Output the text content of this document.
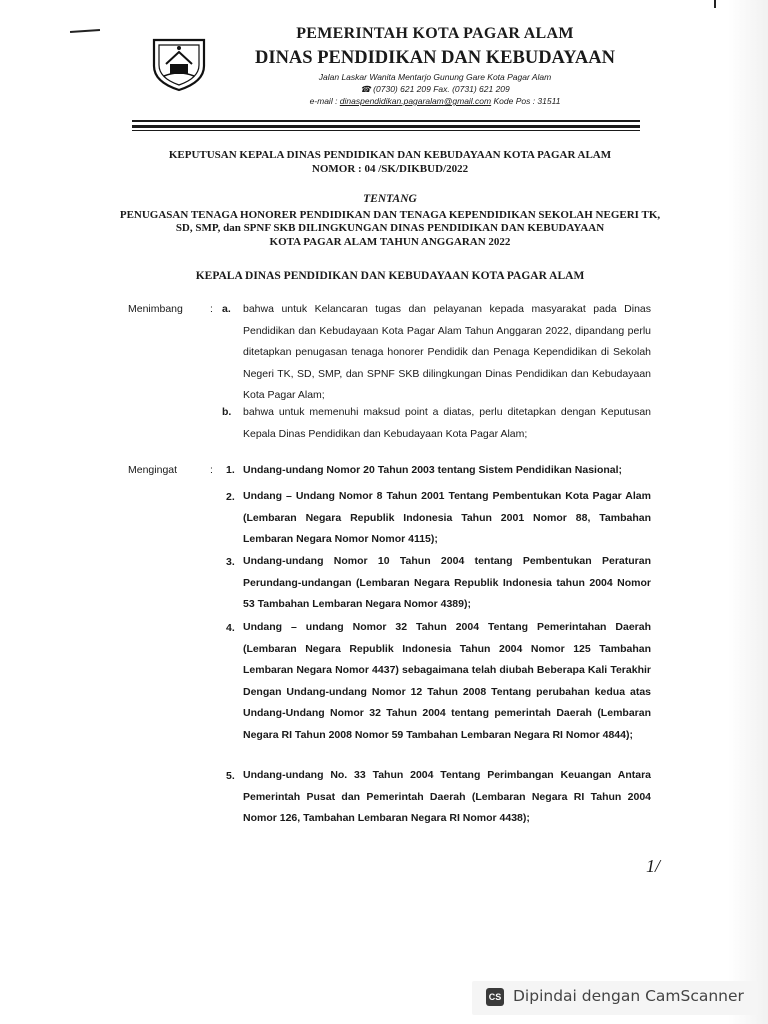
PEMERINTAH KOTA PAGAR ALAM
DINAS PENDIDIKAN DAN KEBUDAYAAN
Jalan Laskar Wanita Mentarjo Gunung Gare Kota Pagar Alam
☎ (0730) 621 209 Fax. (0731) 621 209
e-mail : dinaspendidikan.pagaralam@gmail.com Kode Pos : 31511
KEPUTUSAN KEPALA DINAS PENDIDIKAN DAN KEBUDAYAAN KOTA PAGAR ALAM
NOMOR : 04 /SK/DIKBUD/2022
TENTANG
PENUGASAN TENAGA HONORER PENDIDIKAN DAN TENAGA KEPENDIDIKAN SEKOLAH NEGERI TK,
SD, SMP, dan SPNF SKB DILINGKUNGAN DINAS PENDIDIKAN DAN KEBUDAYAAN
KOTA PAGAR ALAM TAHUN ANGGARAN 2022
KEPALA DINAS PENDIDIKAN DAN KEBUDAYAAN KOTA PAGAR ALAM
Menimbang	: a. bahwa untuk Kelancaran tugas dan pelayanan kepada masyarakat pada Dinas Pendidikan dan Kebudayaan Kota Pagar Alam Tahun Anggaran 2022, dipandang perlu ditetapkan penugasan tenaga honorer Pendidik dan Penaga Kependidikan di Sekolah Negeri TK, SD, SMP, dan SPNF SKB dilingkungan Dinas Pendidikan dan Kebudayaan Kota Pagar Alam;
b. bahwa untuk memenuhi maksud point a diatas, perlu ditetapkan dengan Keputusan Kepala Dinas Pendidikan dan Kebudayaan Kota Pagar Alam;
Mengingat	: 1. Undang-undang Nomor 20 Tahun 2003 tentang Sistem Pendidikan Nasional;
2. Undang – Undang Nomor 8 Tahun 2001 Tentang Pembentukan Kota Pagar Alam (Lembaran Negara Republik Indonesia Tahun 2001 Nomor 88, Tambahan Lembaran Negara Nomor Nomor 4115);
3. Undang-undang Nomor 10 Tahun 2004 tentang Pembentukan Peraturan Perundang-undangan (Lembaran Negara Republik Indonesia tahun 2004 Nomor 53 Tambahan Lembaran Negara Nomor 4389);
4. Undang – undang Nomor 32 Tahun 2004 Tentang Pemerintahan Daerah (Lembaran Negara Republik Indonesia Tahun 2004 Nomor 125 Tambahan Lembaran Negara Nomor 4437) sebagaimana telah diubah Beberapa Kali Terakhir Dengan Undang-undang Nomor 12 Tahun 2008 Tentang perubahan kedua atas Undang-Undang Nomor 32 Tahun 2004 tentang pemerintah Daerah (Lembaran Negara RI Tahun 2008 Nomor 59 Tambahan Lembaran Negara RI Nomor 4844);
5. Undang-undang No. 33 Tahun 2004 Tentang Perimbangan Keuangan Antara Pemerintah Pusat dan Pemerintah Daerah (Lembaran Negara RI Tahun 2004 Nomor 126, Tambahan Lembaran Negara RI Nomor 4438);
1/
CS Dipindai dengan CamScanner
